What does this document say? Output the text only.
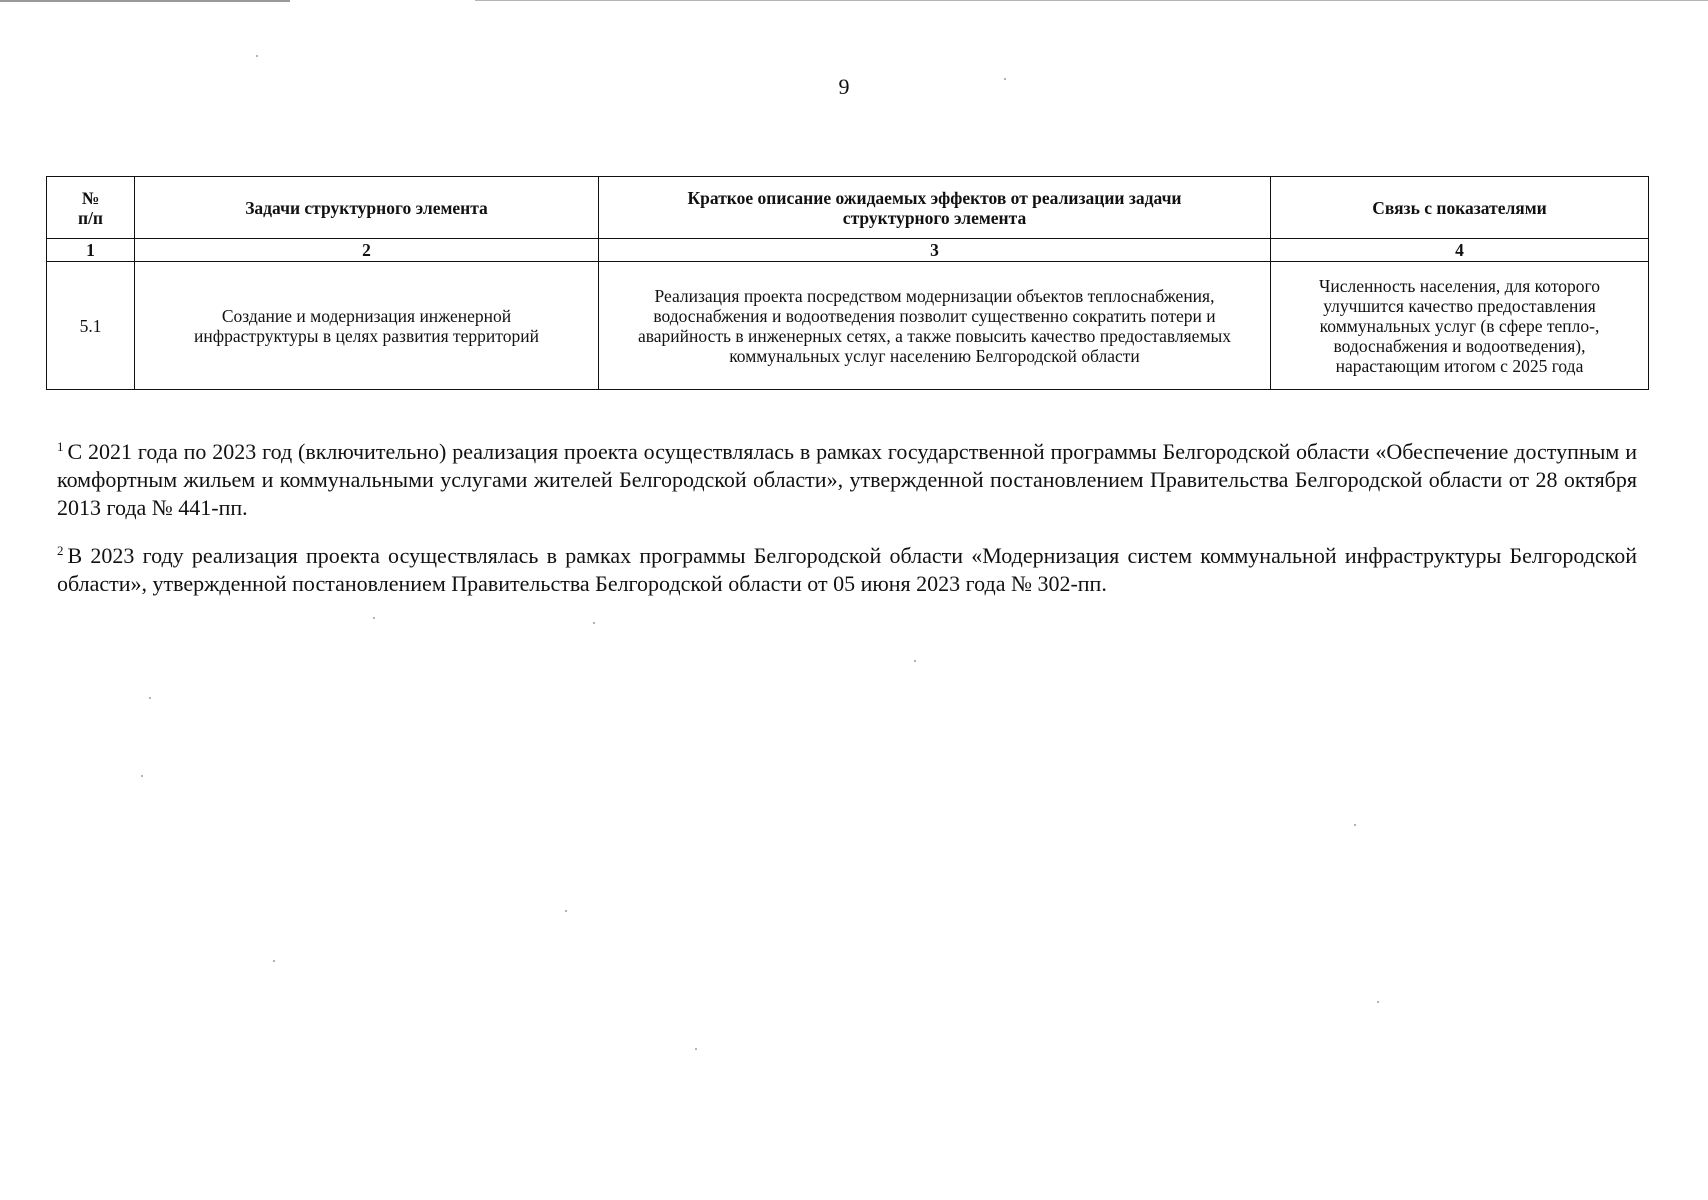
9
№
п/п	Задачи структурного элемента	Краткое описание ожидаемых эффектов от реализации задачи структурного элемента	Связь с показателями
1	2	3	4
5.1	Создание и модернизация инженерной инфраструктуры в целях развития территорий	Реализация проекта посредством модернизации объектов теплоснабжения, водоснабжения и водоотведения позволит существенно сократить потери и аварийность в инженерных сетях, а также повысить качество предоставляемых коммунальных услуг населению Белгородской области	Численность населения, для которого улучшится качество предоставления коммунальных услуг (в сфере тепло-, водоснабжения и водоотведения), нарастающим итогом с 2025 года
$^1$ С 2021 года по 2023 год (включительно) реализация проекта осуществлялась в рамках государственной программы Белгородской области «Обеспечение доступным и комфортным жильем и коммунальными услугами жителей Белгородской области», утвержденной постановлением Правительства Белгородской области от 28 октября 2013 года № 441-пп.
$^2$ В 2023 году реализация проекта осуществлялась в рамках программы Белгородской области «Модернизация систем коммунальной инфраструктуры Белгородской области», утвержденной постановлением Правительства Белгородской области от 05 июня 2023 года № 302-пп.
